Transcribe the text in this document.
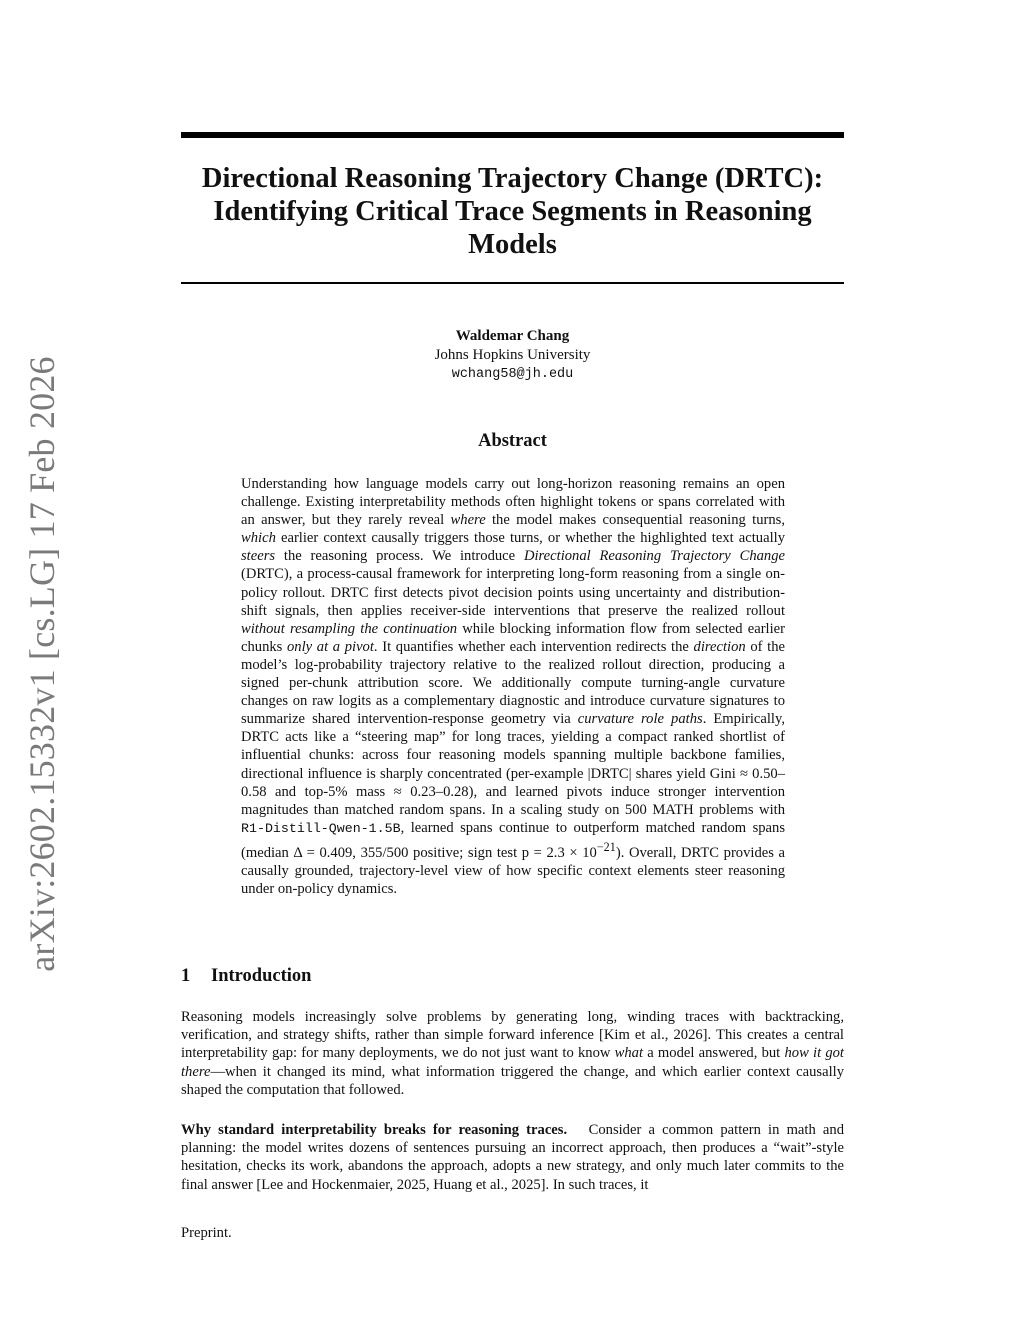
arXiv:2602.15332v1 [cs.LG] 17 Feb 2026
Directional Reasoning Trajectory Change (DRTC):
Identifying Critical Trace Segments in Reasoning
Models
Waldemar Chang
Johns Hopkins University
wchang58@jh.edu
Abstract

Understanding how language models carry out long-horizon reasoning remains an open challenge. Existing interpretability methods often highlight tokens or spans correlated with an answer, but they rarely reveal where the model makes consequential reasoning turns, which earlier context causally triggers those turns, or whether the highlighted text actually steers the reasoning process. We introduce Directional Reasoning Trajectory Change (DRTC), a process-causal framework for interpreting long-form reasoning from a single on-policy rollout. DRTC first detects pivot decision points using uncertainty and distribution-shift signals, then applies receiver-side interventions that preserve the realized rollout without resampling the continuation while blocking information flow from selected earlier chunks only at a pivot. It quantifies whether each intervention redirects the direction of the model’s log-probability trajectory relative to the realized rollout direction, producing a signed per-chunk attribution score. We additionally compute turning-angle curvature changes on raw logits as a complementary diagnostic and introduce curvature signatures to summarize shared intervention-response geometry via curvature role paths. Empirically, DRTC acts like a “steering map” for long traces, yielding a compact ranked shortlist of influential chunks: across four reasoning models spanning multiple backbone families, directional influence is sharply concentrated (per-example |DRTC| shares yield Gini ≈ 0.50–0.58 and top-5% mass ≈ 0.23–0.28), and learned pivots induce stronger intervention magnitudes than matched random spans. In a scaling study on 500 MATH problems with R1-Distill-Qwen-1.5B, learned spans continue to outperform matched random spans (median Δ = 0.409, 355/500 positive; sign test $p = 2.3 \times 10^{-21}$). Overall, DRTC provides a causally grounded, trajectory-level view of how specific context elements steer reasoning under on-policy dynamics.

1 Introduction

Reasoning models increasingly solve problems by generating long, winding traces with backtracking, verification, and strategy shifts, rather than simple forward inference [Kim et al., 2026]. This creates a central interpretability gap: for many deployments, we do not just want to know what a model answered, but how it got there—when it changed its mind, what information triggered the change, and which earlier context causally shaped the computation that followed.

Why standard interpretability breaks for reasoning traces. Consider a common pattern in math and planning: the model writes dozens of sentences pursuing an incorrect approach, then produces a “wait”-style hesitation, checks its work, abandons the approach, adopts a new strategy, and only much later commits to the final answer [Lee and Hockenmaier, 2025, Huang et al., 2025]. In such traces, it

Preprint.
